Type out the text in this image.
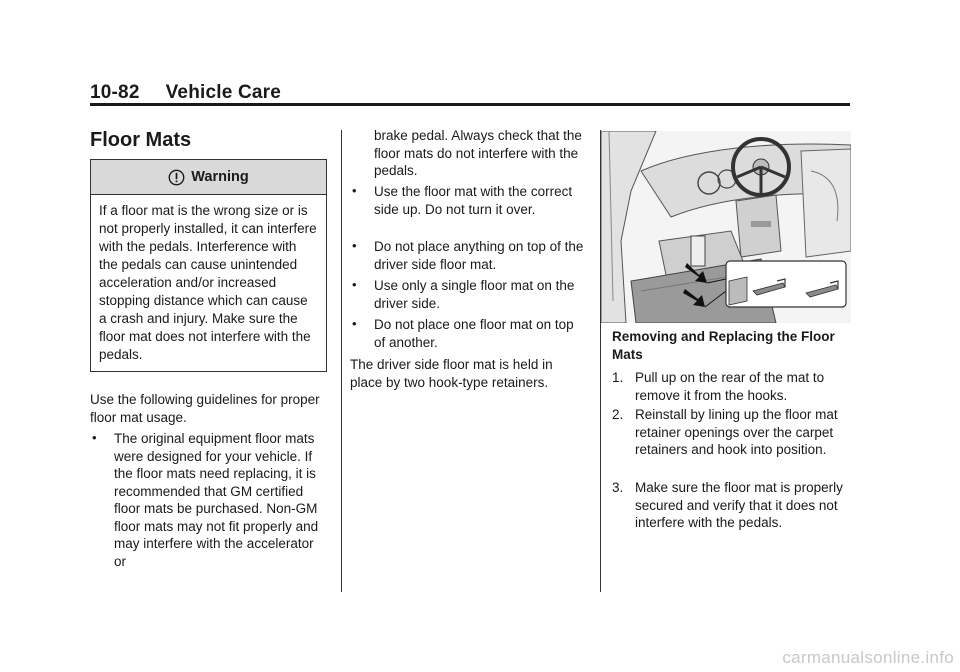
10-82 Vehicle Care
Floor Mats
Warning
If a floor mat is the wrong size or is not properly installed, it can interfere with the pedals. Interference with the pedals can cause unintended acceleration and/or increased stopping distance which can cause a crash and injury. Make sure the floor mat does not interfere with the pedals.
Use the following guidelines for proper floor mat usage.
• The original equipment floor mats were designed for your vehicle. If the floor mats need replacing, it is recommended that GM certified floor mats be purchased. Non-GM floor mats may not fit properly and may interfere with the accelerator or
brake pedal. Always check that the floor mats do not interfere with the pedals.
• Use the floor mat with the correct side up. Do not turn it over.
• Do not place anything on top of the driver side floor mat.
• Use only a single floor mat on the driver side.
• Do not place one floor mat on top of another.
The driver side floor mat is held in place by two hook-type retainers.
Removing and Replacing the Floor Mats
1. Pull up on the rear of the mat to remove it from the hooks.
2. Reinstall by lining up the floor mat retainer openings over the carpet retainers and hook into position.
3. Make sure the floor mat is properly secured and verify that it does not interfere with the pedals.
carmanualsonline.info
